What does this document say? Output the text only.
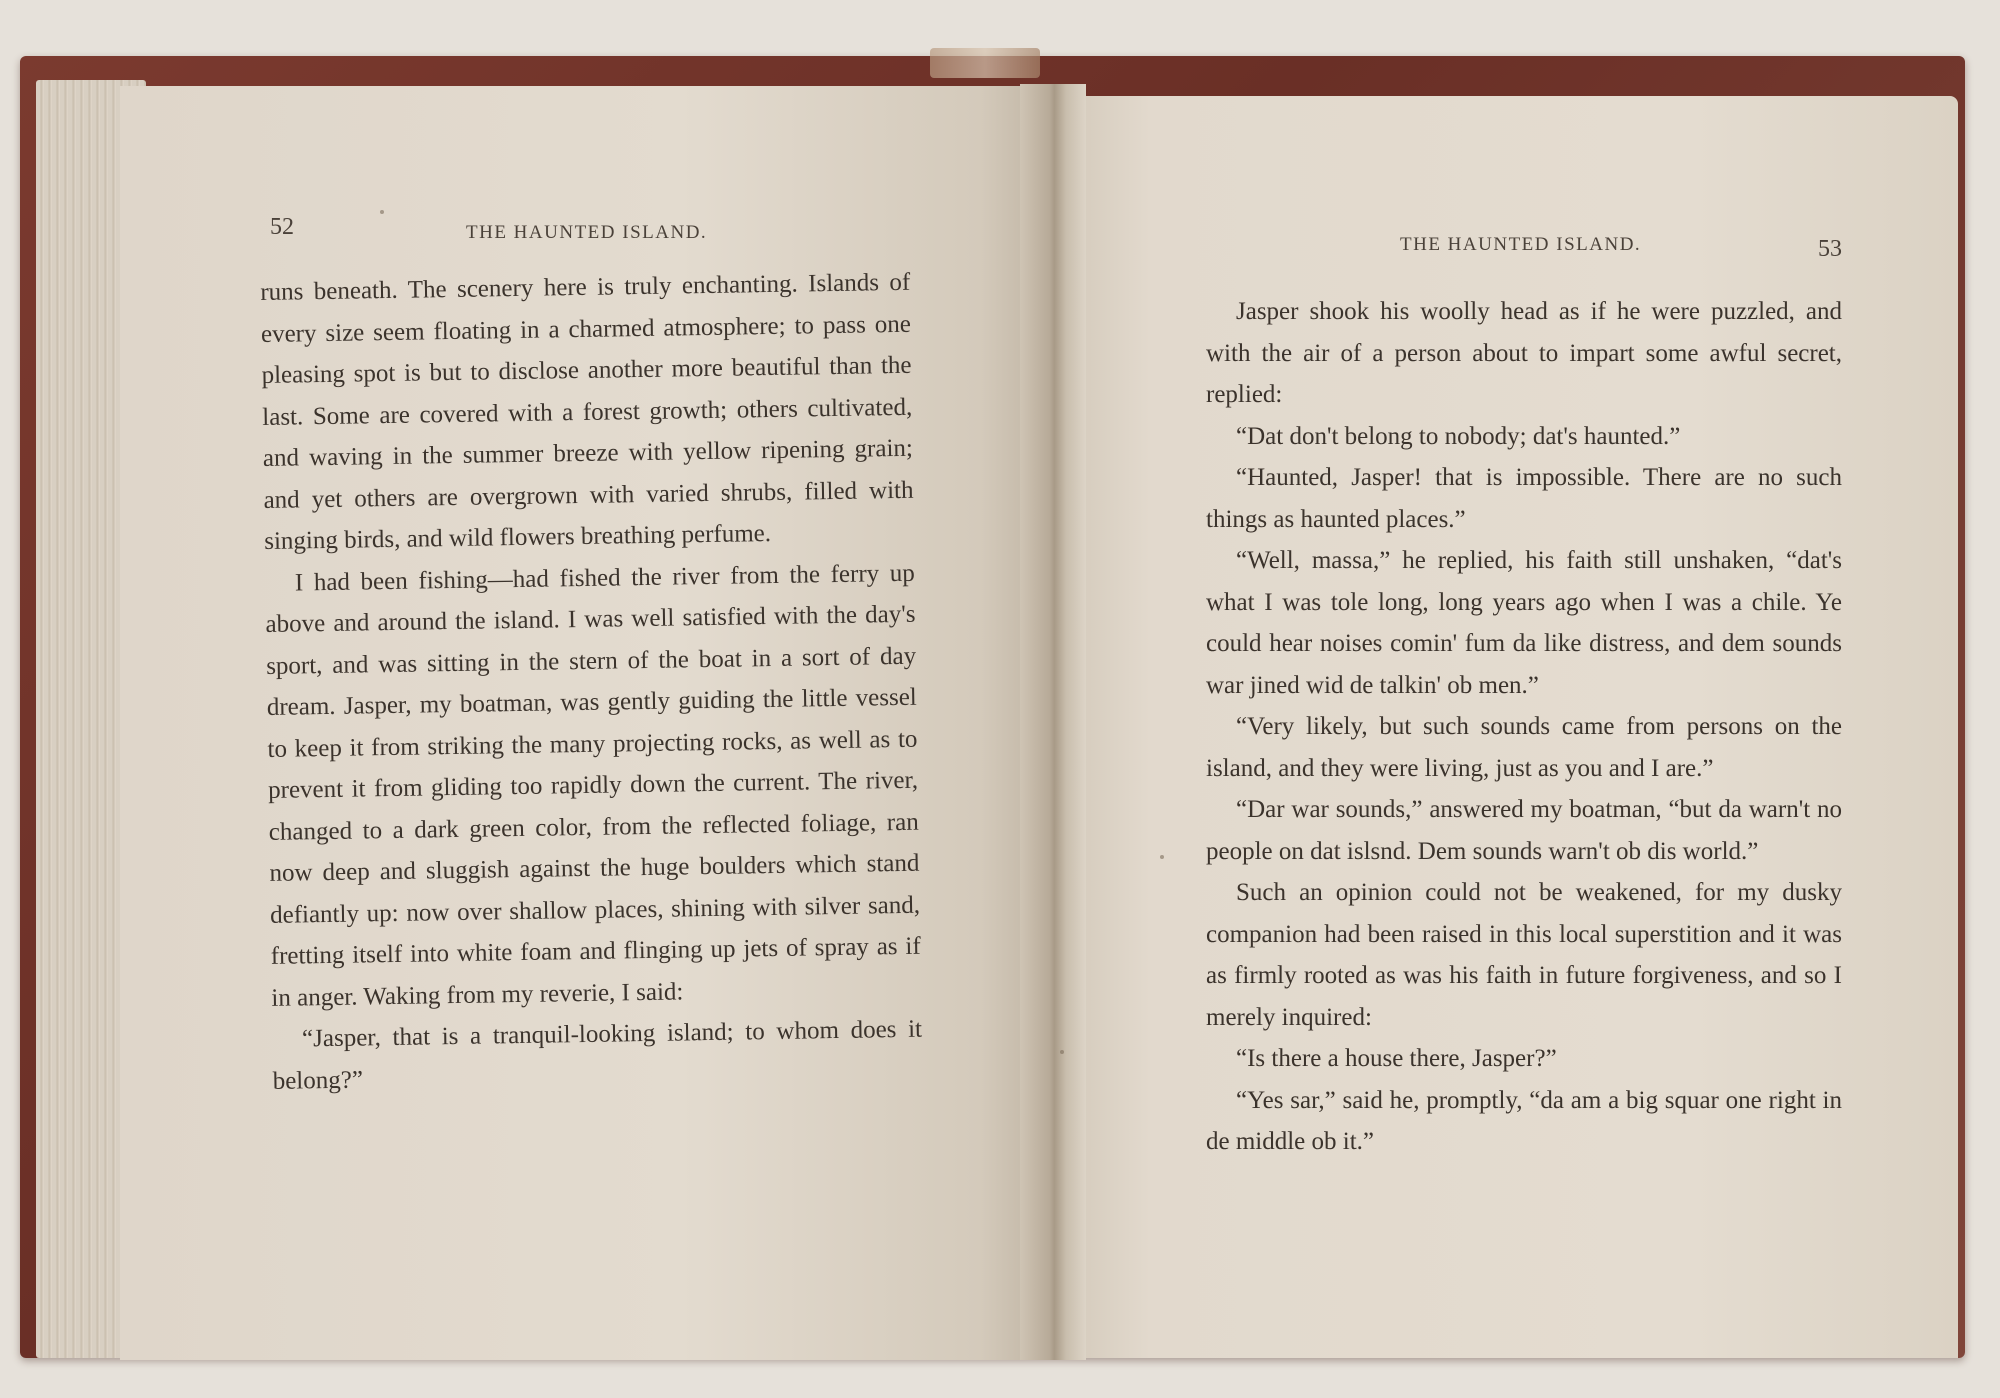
52	THE HAUNTED ISLAND.

runs beneath. The scenery here is truly enchanting. Islands of every size seem floating in a charmed atmosphere; to pass one pleasing spot is but to disclose another more beautiful than the last. Some are covered with a forest growth; others cultivated, and waving in the summer breeze with yellow ripening grain; and yet others are overgrown with varied shrubs, filled with singing birds, and wild flowers breathing perfume.

I had been fishing—had fished the river from the ferry up above and around the island. I was well satisfied with the day's sport, and was sitting in the stern of the boat in a sort of day dream. Jasper, my boatman, was gently guiding the little vessel to keep it from striking the many projecting rocks, as well as to prevent it from gliding too rapidly down the current. The river, changed to a dark green color, from the reflected foliage, ran now deep and sluggish against the huge boulders which stand defiantly up: now over shallow places, shining with silver sand, fretting itself into white foam and flinging up jets of spray as if in anger. Waking from my reverie, I said:

“Jasper, that is a tranquil-looking island; to whom does it belong?”

THE HAUNTED ISLAND.	53

Jasper shook his woolly head as if he were puzzled, and with the air of a person about to impart some awful secret, replied:

“Dat don't belong to nobody; dat's haunted.”

“Haunted, Jasper! that is impossible. There are no such things as haunted places.”

“Well, massa,” he replied, his faith still unshaken, “dat's what I was tole long, long years ago when I was a chile. Ye could hear noises comin' fum da like distress, and dem sounds war jined wid de talkin' ob men.”

“Very likely, but such sounds came from persons on the island, and they were living, just as you and I are.”

“Dar war sounds,” answered my boatman, “but da warn't no people on dat islsnd. Dem sounds warn't ob dis world.”

Such an opinion could not be weakened, for my dusky companion had been raised in this local superstition and it was as firmly rooted as was his faith in future forgiveness, and so I merely inquired:

“Is there a house there, Jasper?”

“Yes sar,” said he, promptly, “da am a big squar one right in de middle ob it.”
